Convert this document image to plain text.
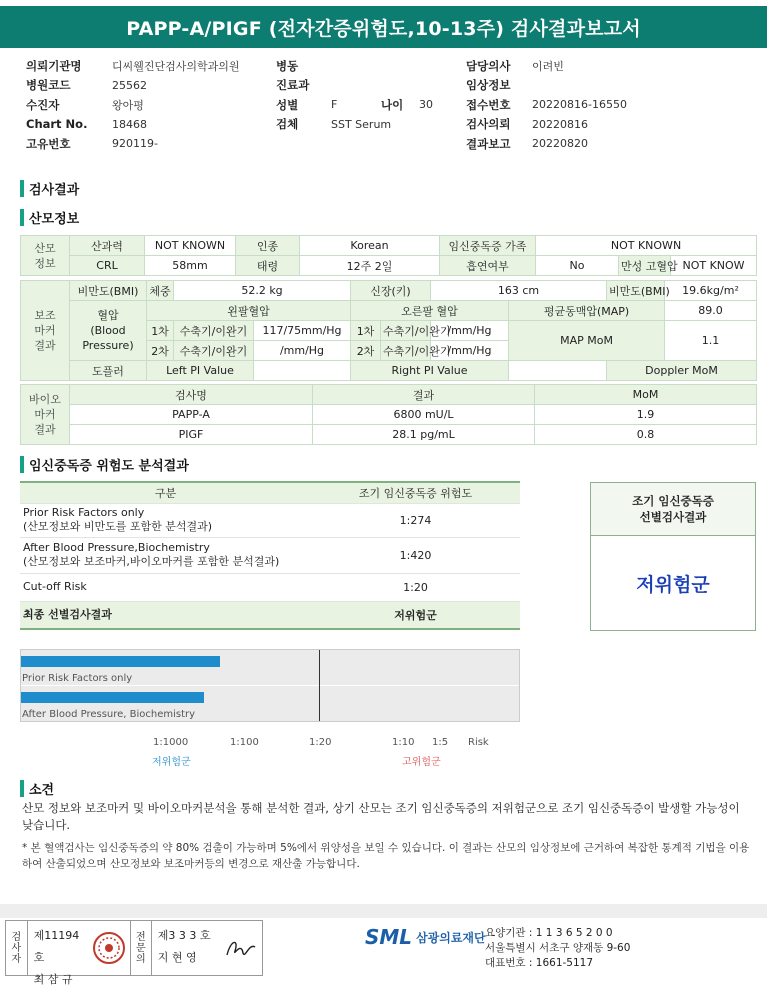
PAPP-A/PIGF (전자간증위험도,10-13주) 검사결과보고서
의뢰기관명	디씨웰진단검사의학과의원
병원코드	25562
수진자	왕아평
Chart No.	18468
고유번호	920119-
병동
진료과
성별	F	나이	30
검체	SST Serum
담당의사	이려빈
임상정보
접수번호	20220816-16550
검사의뢰	20220816
결과보고	20220820
검사결과
산모정보
산모
정보	산과력	NOT KNOWN	인종	Korean	임신중독증 가족	NOT KNOWN		
	CRL	58mm	태령	12주 2일	흡연여부	No	만성 고혈압	NOT KNOW
보조
마커
결과	비만도(BMI)	체중	52.2 kg		신장(키)		163 cm		비만도(BMI)	19.6kg/m²	
	혈압
(Blood
Pressure)	왼팔혈압			오른팔 혈압			평균동맥압(MAP)		89.0	
		1차	수축기/이완기	117/75mm/Hg	1차	수축기/이완기	/mm/Hg	MAP MoM		1.1	
		2차	수축기/이완기	/mm/Hg	2차	수축기/이완기	/mm/Hg				
	도플러	Left PI Value			Right PI Value				Doppler MoM		
바이오
마커
결과	검사명	결과	MoM
	PAPP-A	6800 mU/L	1.9
	PIGF	28.1 pg/mL	0.8
임신중독증 위험도 분석결과
구분	조기 임신중독증 위험도

Prior Risk Factors only
(산모정보와 비만도를 포함한 분석결과)	1:274

After Blood Pressure,Biochemistry
(산모정보와 보조마커,바이오마커를 포함한 분석결과)	1:420

Cut-off Risk	1:20
최종 선별검사결과	저위험군
조기 임신중독증
선별검사결과
저위험군
Prior Risk Factors only
After Blood Pressure, Biochemistry
1:1000	1:100	1:20	1:10 1:5 Risk
저위험군	고위험군
소견
산모 정보와 보조마커 및 바이오마커분석을 통해 분석한 결과, 상기 산모는 조기 임신중독증의 저위험군으로 조기 임신중독증이 발생할 가능성이 낮습니다.
* 본 혈액검사는 임신중독증의 약 80% 검출이 가능하며 5%에서 위양성을 보일 수 있습니다. 이 결과는 산모의 임상정보에 근거하여 복잡한 통계적 기법을 이용하여 산출되었으며 산모정보와 보조마커등의 변경으로 재산출 가능합니다.
검
사
자
제11194호
최 삼 규
전
문
의
제3 3 3 호
지 현 영
SML 삼광의료재단 요양기관 : 1 1 3 6 5 2 0 0
서울특별시 서초구 양재동 9-60
대표번호 : 1661-5117
